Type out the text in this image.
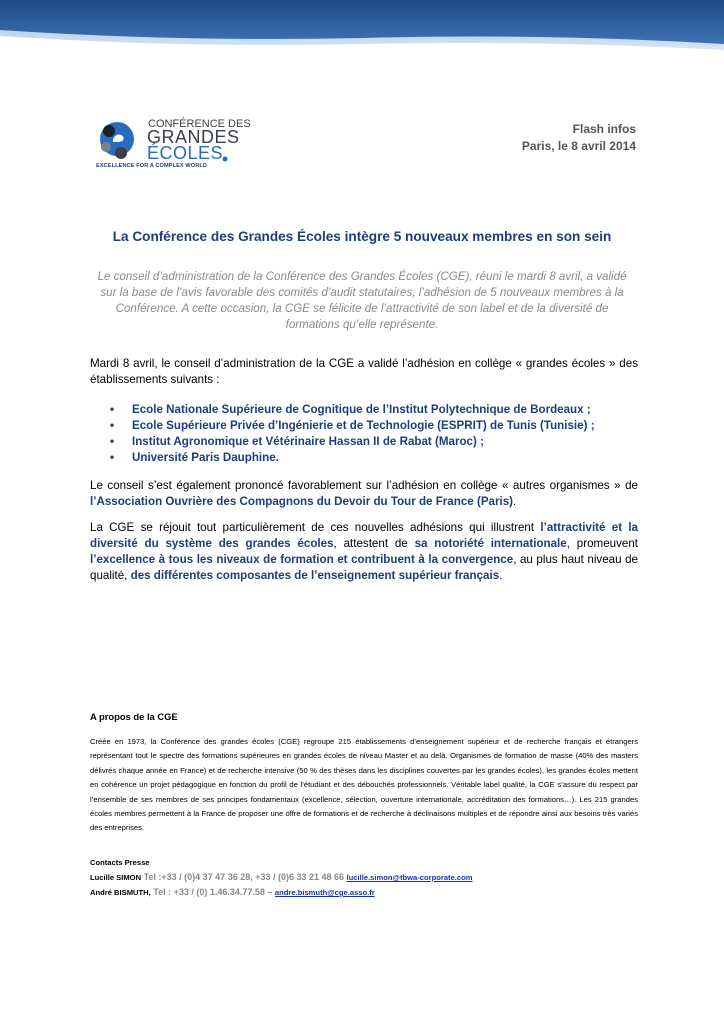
CONFÉRENCE DES
GRANDES
ÉCOLES
EXCELLENCE FOR A COMPLEX WORLD
Flash infos
Paris, le 8 avril 2014
La Conférence des Grandes Écoles intègre 5 nouveaux membres en son sein

Le conseil d’administration de la Conférence des Grandes Écoles (CGE), réuni le mardi 8 avril, a validé sur la base de l’avis favorable des comités d’audit statutaires, l’adhésion de 5 nouveaux membres à la Conférence. A cette occasion, la CGE se félicite de l’attractivité de son label et de la diversité de formations qu’elle représente.

Mardi 8 avril, le conseil d’administration de la CGE a validé l’adhésion en collège « grandes écoles » des établissements suivants :

• Ecole Nationale Supérieure de Cognitique de l’Institut Polytechnique de Bordeaux ;
• Ecole Supérieure Privée d’Ingénierie et de Technologie (ESPRIT) de Tunis (Tunisie) ;
• Institut Agronomique et Vétérinaire Hassan II de Rabat (Maroc) ;
• Université Paris Dauphine.

Le conseil s’est également prononcé favorablement sur l’adhésion en collège « autres organismes » de l’Association Ouvrière des Compagnons du Devoir du Tour de France (Paris).

La CGE se réjouit tout particulièrement de ces nouvelles adhésions qui illustrent l’attractivité et la diversité du système des grandes écoles, attestent de sa notoriété internationale, promeuvent l’excellence à tous les niveaux de formation et contribuent à la convergence, au plus haut niveau de qualité, des différentes composantes de l’enseignement supérieur français.

A propos de la CGE

Créée en 1973, la Conférence des grandes écoles (CGE) regroupe 215 établissements d’enseignement supérieur et de recherche français et étrangers représentant tout le spectre des formations supérieures en grandes écoles de niveau Master et au delà. Organismes de formation de masse (40% des masters délivrés chaque année en France) et de recherche intensive (50 % des thèses dans les disciplines couvertes par les grandes écoles), les grandes écoles mettent en cohérence un projet pédagogique en fonction du profil de l’étudiant et des débouchés professionnels. Véritable label qualité, la CGE s’assure du respect par l’ensemble de ses membres de ses principes fondamentaux (excellence, sélection, ouverture internationale, accréditation des formations…). Les 215 grandes écoles membres permettent à la France de proposer une offre de formations et de recherche à déclinaisons multiples et de répondre ainsi aux besoins très variés des entreprises.

Contacts Presse
Lucille SIMON Tel :+33 / (0)4 37 47 36 28, +33 / (0)6 33 21 48 66 lucille.simon@tbwa-corporate.com
André BISMUTH, Tel : +33 / (0) 1.46.34.77.58 – andre.bismuth@cge.asso.fr
